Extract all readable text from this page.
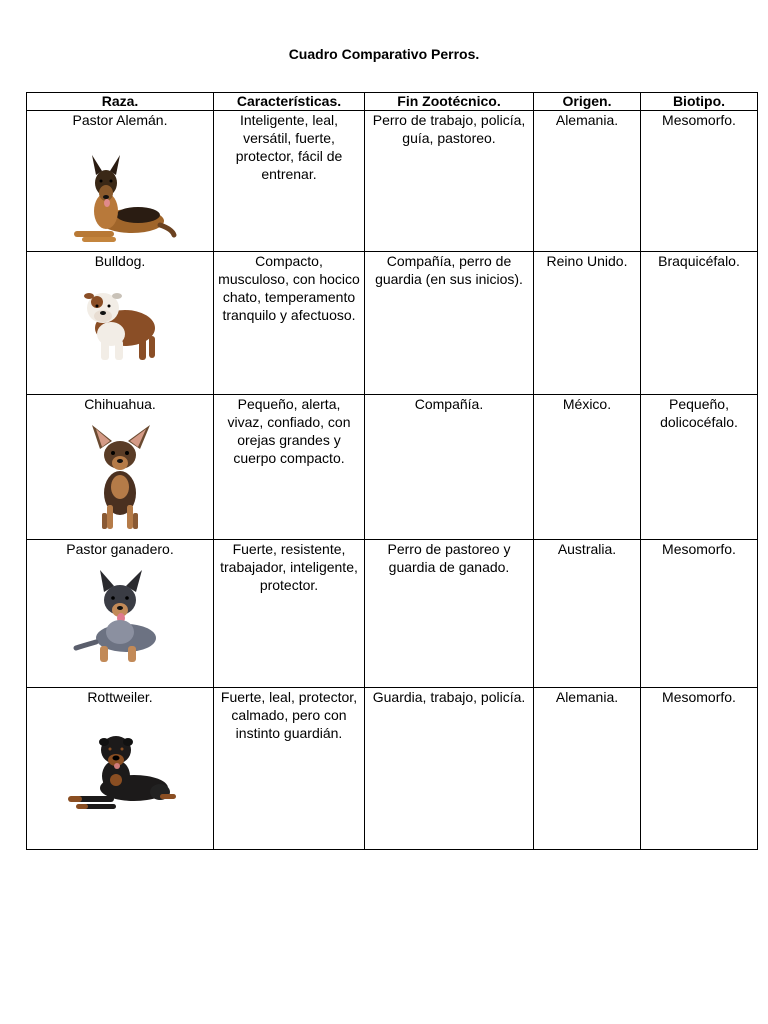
Cuadro Comparativo Perros.
Raza.	Características.	Fin Zootécnico.	Origen.	Biotipo.

Pastor Alemán.	Inteligente, leal, versátil, fuerte, protector, fácil de entrenar.	Perro de trabajo, policía, guía, pastoreo.	Alemania.	Mesomorfo.

Bulldog.	Compacto, musculoso, con hocico chato, temperamento tranquilo y afectuoso.	Compañía, perro de guardia (en sus inicios).	Reino Unido.	Braquicéfalo.

Chihuahua.	Pequeño, alerta, vivaz, confiado, con orejas grandes y cuerpo compacto.	Compañía.	México.	Pequeño, dolicocéfalo.

Pastor ganadero.	Fuerte, resistente, trabajador, inteligente, protector.	Perro de pastoreo y guardia de ganado.	Australia.	Mesomorfo.

Rottweiler.	Fuerte, leal, protector, calmado, pero con instinto guardián.	Guardia, trabajo, policía.	Alemania.	Mesomorfo.
